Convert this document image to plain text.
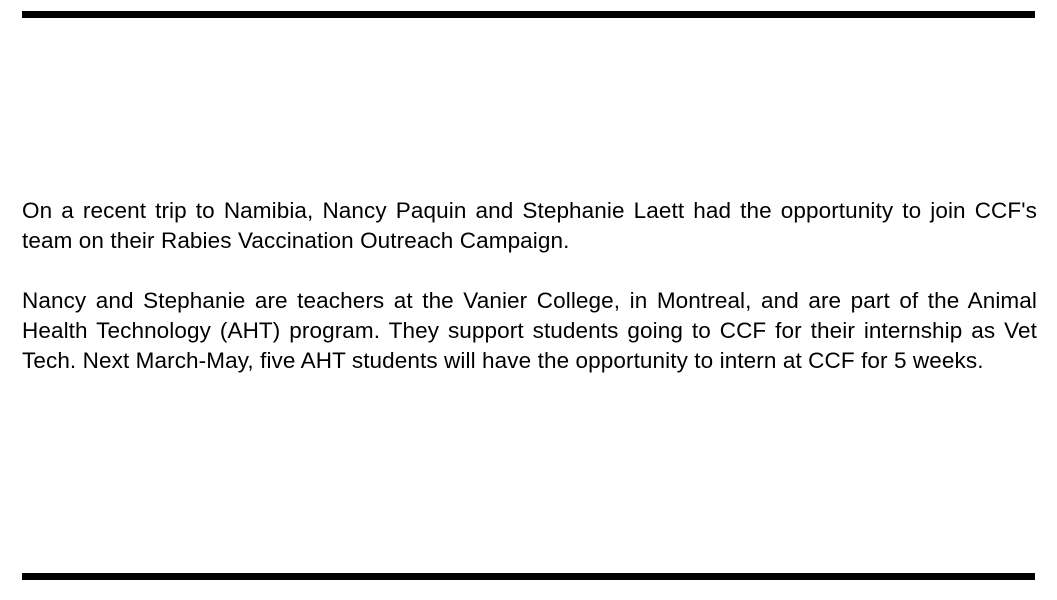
On a recent trip to Namibia, Nancy Paquin and Stephanie Laett had the opportunity to join CCF's team on their Rabies Vaccination Outreach Campaign.

Nancy and Stephanie are teachers at the Vanier College, in Montreal, and are part of the Animal Health Technology (AHT) program. They support students going to CCF for their internship as Vet Tech. Next March-May, five AHT students will have the opportunity to intern at CCF for 5 weeks.
